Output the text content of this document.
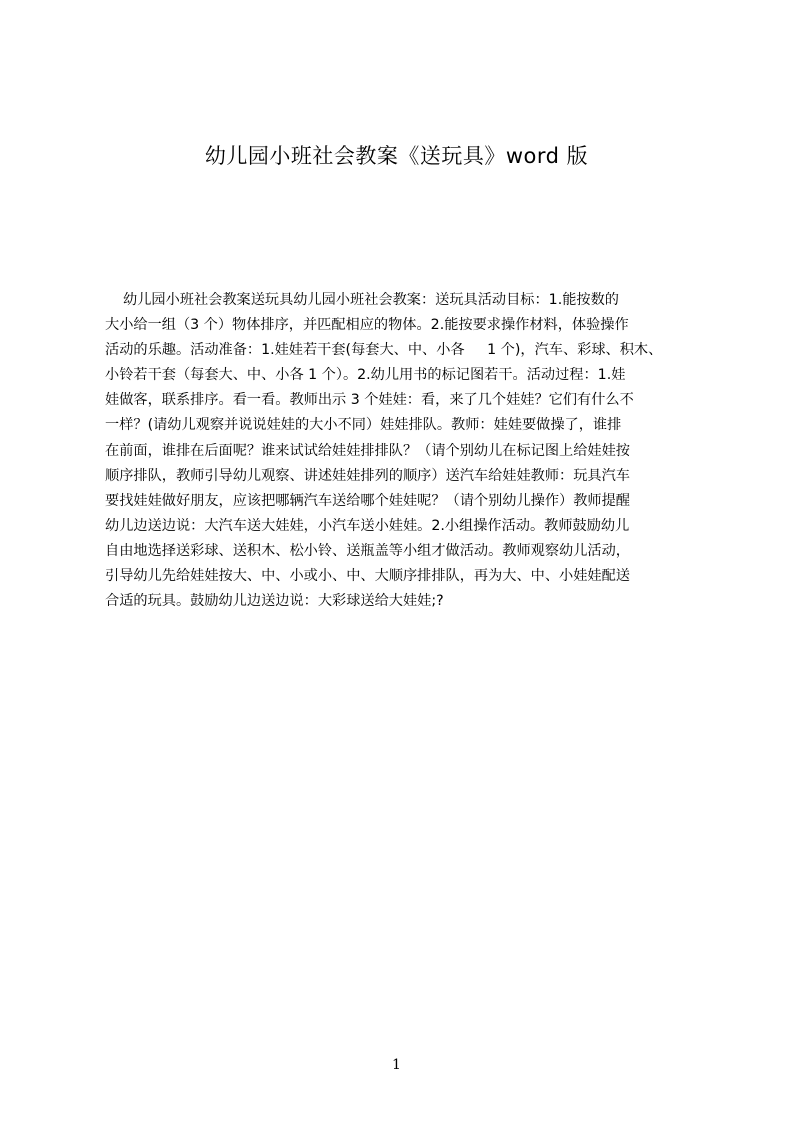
幼儿园小班社会教案《送玩具》word 版
幼儿园小班社会教案送玩具幼儿园小班社会教案：送玩具活动目标：1.能按数的
大小给一组（3 个）物体排序，并匹配相应的物体。2.能按要求操作材料，体验操作
活动的乐趣。活动准备：1.娃娃若干套(每套大、中、小各     1 个)，汽车、彩球、积木、
小铃若干套（每套大、中、小各 1 个）。2.幼儿用书的标记图若干。活动过程：1.娃
娃做客，联系排序。看一看。教师出示 3 个娃娃：看，来了几个娃娃？它们有什么不
一样？(请幼儿观察并说说娃娃的大小不同）娃娃排队。教师：娃娃要做操了，谁排
在前面，谁排在后面呢？谁来试试给娃娃排排队？（请个别幼儿在标记图上给娃娃按
顺序排队，教师引导幼儿观察、讲述娃娃排列的顺序）送汽车给娃娃教师：玩具汽车
要找娃娃做好朋友，应该把哪辆汽车送给哪个娃娃呢？（请个别幼儿操作）教师提醒
幼儿边送边说：大汽车送大娃娃，小汽车送小娃娃。2.小组操作活动。教师鼓励幼儿
自由地选择送彩球、送积木、松小铃、送瓶盖等小组才做活动。教师观察幼儿活动，
引导幼儿先给娃娃按大、中、小或小、中、大顺序排排队，再为大、中、小娃娃配送
合适的玩具。鼓励幼儿边送边说：大彩球送给大娃娃;?
1
